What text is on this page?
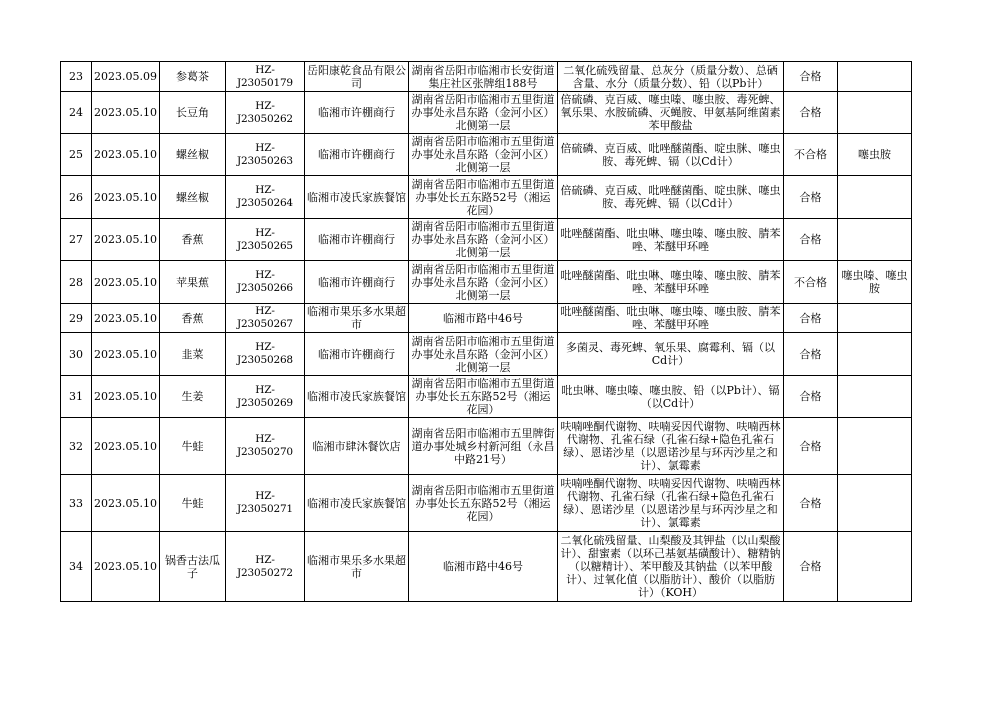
23	2023.05.09	参葛茶	HZ-J23050179	岳阳康乾食品有限公司	湖南省岳阳市临湘市长安街道集庄社区张牌组188号	二氧化硫残留量、总灰分（质量分数）、总硒含量、水分（质量分数）、铅（以Pb计）	合格	
24	2023.05.10	长豆角	HZ-J23050262	临湘市许棚商行	湖南省岳阳市临湘市五里街道办事处永昌东路（金河小区）北侧第一层	倍硫磷、克百威、噻虫嗪、噻虫胺、毒死蜱、氧乐果、水胺硫磷、灭蝇胺、甲氨基阿维菌素苯甲酸盐	合格	
25	2023.05.10	螺丝椒	HZ-J23050263	临湘市许棚商行	湖南省岳阳市临湘市五里街道办事处永昌东路（金河小区）北侧第一层	倍硫磷、克百威、吡唑醚菌酯、啶虫脒、噻虫胺、毒死蜱、镉（以Cd计）	不合格	噻虫胺
26	2023.05.10	螺丝椒	HZ-J23050264	临湘市凌氏家族餐馆	湖南省岳阳市临湘市五里街道办事处长五东路52号（湘运花园）	倍硫磷、克百威、吡唑醚菌酯、啶虫脒、噻虫胺、毒死蜱、镉（以Cd计）	合格	
27	2023.05.10	香蕉	HZ-J23050265	临湘市许棚商行	湖南省岳阳市临湘市五里街道办事处永昌东路（金河小区）北侧第一层	吡唑醚菌酯、吡虫啉、噻虫嗪、噻虫胺、腈苯唑、苯醚甲环唑	合格	
28	2023.05.10	苹果蕉	HZ-J23050266	临湘市许棚商行	湖南省岳阳市临湘市五里街道办事处永昌东路（金河小区）北侧第一层	吡唑醚菌酯、吡虫啉、噻虫嗪、噻虫胺、腈苯唑、苯醚甲环唑	不合格	噻虫嗪、噻虫胺
29	2023.05.10	香蕉	HZ-J23050267	临湘市果乐多水果超市	临湘市路中46号	吡唑醚菌酯、吡虫啉、噻虫嗪、噻虫胺、腈苯唑、苯醚甲环唑	合格	
30	2023.05.10	韭菜	HZ-J23050268	临湘市许棚商行	湖南省岳阳市临湘市五里街道办事处永昌东路（金河小区）北侧第一层	多菌灵、毒死蜱、氧乐果、腐霉利、镉（以Cd计）	合格	
31	2023.05.10	生姜	HZ-J23050269	临湘市凌氏家族餐馆	湖南省岳阳市临湘市五里街道办事处长五东路52号（湘运花园）	吡虫啉、噻虫嗪、噻虫胺、铅（以Pb计）、镉（以Cd计）	合格	
32	2023.05.10	牛蛙	HZ-J23050270	临湘市肆沐餐饮店	湖南省岳阳市临湘市五里牌街道办事处城乡村新河组（永昌中路21号）	呋喃唑酮代谢物、呋喃妥因代谢物、呋喃西林代谢物、孔雀石绿（孔雀石绿+隐色孔雀石绿）、恩诺沙星（以恩诺沙星与环丙沙星之和计）、氯霉素	合格	
33	2023.05.10	牛蛙	HZ-J23050271	临湘市凌氏家族餐馆	湖南省岳阳市临湘市五里街道办事处长五东路52号（湘运花园）	呋喃唑酮代谢物、呋喃妥因代谢物、呋喃西林代谢物、孔雀石绿（孔雀石绿+隐色孔雀石绿）、恩诺沙星（以恩诺沙星与环丙沙星之和计）、氯霉素	合格	
34	2023.05.10	锅香古法瓜子	HZ-J23050272	临湘市果乐多水果超市	临湘市路中46号	二氧化硫残留量、山梨酸及其钾盐（以山梨酸计）、甜蜜素（以环己基氨基磺酸计）、糖精钠（以糖精计）、苯甲酸及其钠盐（以苯甲酸计）、过氧化值（以脂肪计）、酸价（以脂肪计）（KOH）	合格	
